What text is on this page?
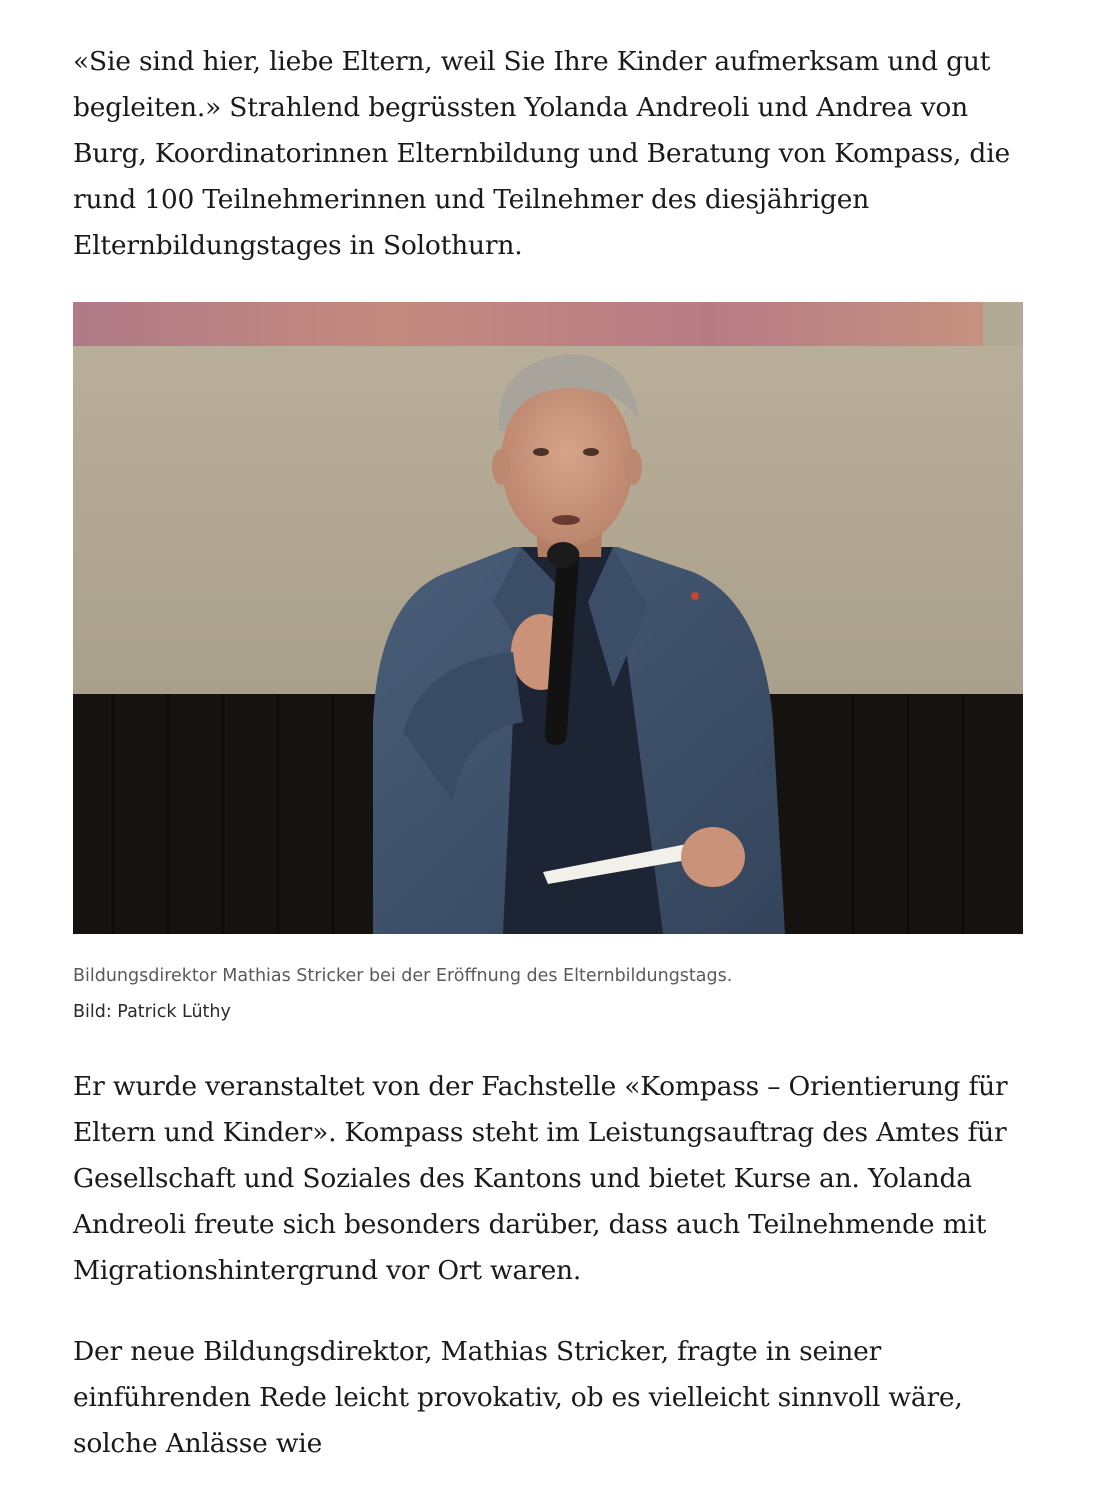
«Sie sind hier, liebe Eltern, weil Sie Ihre Kinder aufmerksam und gut begleiten.» Strahlend begrüssten Yolanda Andreoli und Andrea von Burg, Koordinatorinnen Elternbildung und Beratung von Kompass, die rund 100 Teilnehmerinnen und Teilnehmer des diesjährigen Elternbildungstages in Solothurn.

Bildungsdirektor Mathias Stricker bei der Eröffnung des Elternbildungstags.

Bild: Patrick Lüthy

Er wurde veranstaltet von der Fachstelle «Kompass – Orientierung für Eltern und Kinder». Kompass steht im Leistungsauftrag des Amtes für Gesellschaft und Soziales des Kantons und bietet Kurse an. Yolanda Andreoli freute sich besonders darüber, dass auch Teilnehmende mit Migrationshintergrund vor Ort waren.

Der neue Bildungsdirektor, Mathias Stricker, fragte in seiner einführenden Rede leicht provokativ, ob es vielleicht sinnvoll wäre, solche Anlässe wie
